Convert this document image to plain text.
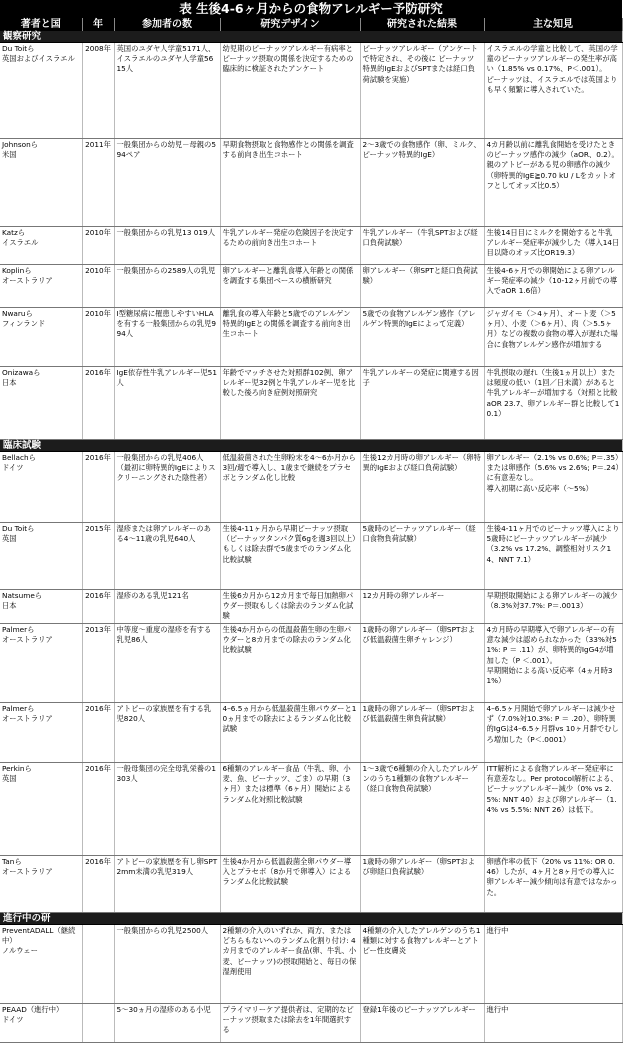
表 生後4-6ヶ月からの食物アレルギー予防研究
著者と国	年	参加者の数	研究デザイン	研究された結果	主な知見
観察研究					
Du Toitら
英国およびイスラエル	2008年	英国のユダヤ人学童5171人、イスラエルのユダヤ人学童5615人	幼児期のピーナッツアレルギー有病率とピーナッツ摂取の関係を決定するための臨床的に検証されたアンケート	ピーナッツアレルギー（アンケートで特定され、その後に ピーナッツ特異的IgEおよびSPTまたは経口負荷試験を実施）	イスラエルの学童と比較して、英国の学童のピーナッツアレルギーの発生率が高い（1.85% vs 0.17%、P＜.001）。
ピーナッツは、イスラエルでは英国よりも早く頻繁に導入されていた。
Johnsonら
米国	2011年	一般集団からの幼児－母親の594ペア	早期食物摂取と食物感作との関係を調査する前向き出生コホート	2～3歳での食物感作（卵、ミルク、ピーナッツ特異的IgE）	4カ月齢以前に離乳食開始を受けたときのピーナッツ感作の減少（aOR、0.2）。
親のアトピーがある児の卵感作の減少（卵特異的IgE≧0.70 kU / Lをカットオフとしてオッズ比0.5）
Katzら
イスラエル	2010年	一般集団からの乳児13 019人	牛乳アレルギー発症の危険因子を決定するための前向き出生コホート	牛乳アレルギー（牛乳SPTおよび経口負荷試験）	生後14日目にミルクを開始すると牛乳アレルギー発症率が減少した（導入14日目以降のオッズ比OR19.3）
Koplinら
オーストラリア	2010年	一般集団からの2589人の乳児	卵アレルギーと離乳食導入年齢との関係を調査する集団ベースの横断研究	卵アレルギー（卵SPTと経口負荷試験）	生後4-6ヶ月での卵開始による卵アレルギー発症率の減少（10-12ヶ月前での導入でaOR 1.6倍）
Nwaruら
フィンランド	2010年	I型糖尿病に罹患しやすいHLAを有する一般集団からの乳児994人	離乳食の導入年齢と5歳でのアレルゲン特異的IgEとの関係を調査する前向き出生コホート	5歳での食物アレルゲン感作（アレルゲン特異的IgEによって定義）	ジャガイモ（＞4ヶ月）、オート麦（＞5ヶ月）、小麦（＞6ヶ月）、肉（＞5.5ヶ月）などの複数の食物の導入が遅れた場合に食物アレルゲン感作が増加する
Onizawaら
日本	2016年	IgE依存性牛乳アレルギー児51人	年齢でマッチさせた対照群102例、卵アレルギー児32例と牛乳アレルギー児を比較した後ろ向き症例対照研究	牛乳アレルギーの発症に関連する因子	牛乳摂取の遅れ（生後1ヵ月以上）または頻度の低い（1回／日未満）があると牛乳アレルギーが増加する（対照と比較 aOR 23.7、卵アレルギー群と比較して10.1）
臨床試験					
Bellachら
ドイツ	2016年	一般集団からの乳児406人（最初に卵特異的IgEによりスクリーニングされた陰性者）	低温殺菌された生卵粉末を4～6か月から3回/週で導入し、1歳まで継続をプラセボとランダム化し比較	生後12カ月時の卵アレルギー（卵特異的IgEおよび経口負荷試験）	卵アレルギー（2.1% vs 0.6%; P＝.35）または卵感作（5.6% vs 2.6%; P＝.24）に有意差なし。
導入初期に高い反応率（～5%）
Du Toitら
英国	2015年	湿疹または卵アレルギーのある4～11歳の乳児640人	生後4-11ヶ月から早期ピーナッツ摂取（ピーナッツタンパク質6gを週3回以上）もしくは除去群で5歳までのランダム化比較試験	5歳時のピーナッツアレルギー（経口食物負荷試験）	生後4-11ヶ月でのピーナッツ導入により5歳時にピーナッツアレルギーが減少（3.2% vs 17.2%、調整相対リスク14、NNT 7.1）
Natsumeら
日本	2016年	湿疹のある乳児121名	生後6カ月から12カ月まで毎日加熱卵パウダー摂取もしくは除去のランダム化試験	12カ月時の卵アレルギー	早期摂取開始による卵アレルギーの減少（8.3%対37.7%: P＝.0013）
Palmerら
オーストラリア	2013年	中等度～重度の湿疹を有する乳児86人	生後4か月からの低温殺菌生卵の生卵パウダーと8カ月までの除去のランダム化比較試験	1歳時の卵アレルギー（卵SPTおよび低温殺菌生卵チャレンジ）	4カ月時の早期導入で卵アレルギーの有意な減少は認められなかった（33%対51%: P ＝ .11）が、卵特異的IgG4が増加した（P ＜.001）。
早期開始による高い反応率（4ヵ月時31%）
Palmerら
オーストラリア	2016年	アトピーの家族歴を有する乳児820人	4–6.5ヵ月から低温殺菌生卵パウダーと10ヵ月までの除去によるランダム化比較試験	1歳時の卵アレルギー（卵SPTおよび低温殺菌生卵負荷試験）	4–6.5ヶ月開始で卵アレルギーは減少せず（7.0%対10.3%: P ＝ .20）、卵特異的IgGは4–6.5ヶ月群vs 10ヶ月群でむしろ増加した（P＜.0001）
Perkinら
英国	2016年	一般母集団の完全母乳栄養の1303人	6種類のアレルギー食品（牛乳、卵、小麦、魚、ピーナッツ、ごま）の早期（3ヶ月）または標準（6ヶ月）開始によるランダム化対照比較試験	1～3歳で6種類の介入したアレルゲンのうち1種類の食物アレルギー（経口食物負荷試験）	ITT解析による食物アレルギー発症率に有意差なし。Per protocol解析による、ピーナッツアレルギー減少（0% vs 2.5%: NNT 40）および卵アレルギー（1.4% vs 5.5%: NNT 26）は低下。
Tanら
オーストラリア	2016年	アトピーの家族歴を有し卵SPT2mm未満の乳児319人	生後4か月から低温殺菌全卵パウダー導入とプラセボ（8か月で卵導入）によるランダム化比較試験	1歳時の卵アレルギー（卵SPTおよび卵経口負荷試験）	卵感作率の低下（20% vs 11%: OR 0.46）したが、4ヶ月と8ヶ月での導入に卵アレルギー減少傾向は有意ではなかった。
進行中の研					
PreventADALL（継続中）
ノルウェー		一般集団からの乳児2500人	2種類の介入のいずれか、両方、またはどちらもないへのランダム化割り付け: 4カ月までのアレルギー食品(卵、牛乳、小麦、ピーナッツ)の摂取開始と、毎日の保湿剤使用	4種類の介入したアレルゲンのうち1種類に対する食物アレルギーとアトピー性皮膚炎	進行中
PEAAD（進行中）
ドイツ		5～30ヵ月の湿疹のある小児	プライマリーケア提供者は、定期的なピーナッツ摂取または除去を1年間選択する	登録1年後のピーナッツアレルギー	進行中
